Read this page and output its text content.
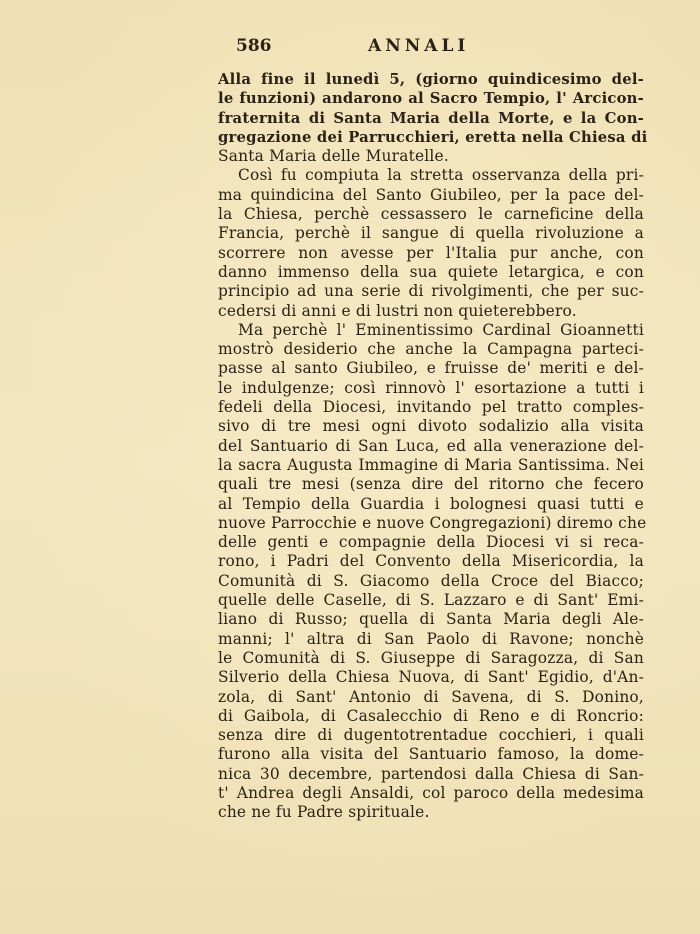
586	ANNALI
Alla fine il lunedì 5, (giorno quindicesimo del-
le funzioni) andarono al Sacro Tempio, l' Arcicon-
fraternita di Santa Maria della Morte, e la Con-
gregazione dei Parrucchieri, eretta nella Chiesa di
Santa Maria delle Muratelle.
Così fu compiuta la stretta osservanza della pri-
ma quindicina del Santo Giubileo, per la pace del-
la Chiesa, perchè cessassero le carneficine della
Francia, perchè il sangue di quella rivoluzione a
scorrere non avesse per l'Italia pur anche, con
danno immenso della sua quiete letargica, e con
principio ad una serie di rivolgimenti, che per suc-
cedersi di anni e di lustri non quieterebbero.
Ma perchè l' Eminentissimo Cardinal Gioannetti
mostrò desiderio che anche la Campagna parteci-
passe al santo Giubileo, e fruisse de' meriti e del-
le indulgenze; così rinnovò l' esortazione a tutti i
fedeli della Diocesi, invitando pel tratto comples-
sivo di tre mesi ogni divoto sodalizio alla visita
del Santuario di San Luca, ed alla venerazione del-
la sacra Augusta Immagine di Maria Santissima. Nei
quali tre mesi (senza dire del ritorno che fecero
al Tempio della Guardia i bolognesi quasi tutti e
nuove Parrocchie e nuove Congregazioni) diremo che
delle genti e compagnie della Diocesi vi si reca-
rono, i Padri del Convento della Misericordia, la
Comunità di S. Giacomo della Croce del Biacco;
quelle delle Caselle, di S. Lazzaro e di Sant' Emi-
liano di Russo; quella di Santa Maria degli Ale-
manni; l' altra di San Paolo di Ravone; nonchè
le Comunità di S. Giuseppe di Saragozza, di San
Silverio della Chiesa Nuova, di Sant' Egidio, d'An-
zola, di Sant' Antonio di Savena, di S. Donino,
di Gaibola, di Casalecchio di Reno e di Roncrio:
senza dire di dugentotrentadue cocchieri, i quali
furono alla visita del Santuario famoso, la dome-
nica 30 decembre, partendosi dalla Chiesa di San-
t' Andrea degli Ansaldi, col paroco della medesima
che ne fu Padre spirituale.
